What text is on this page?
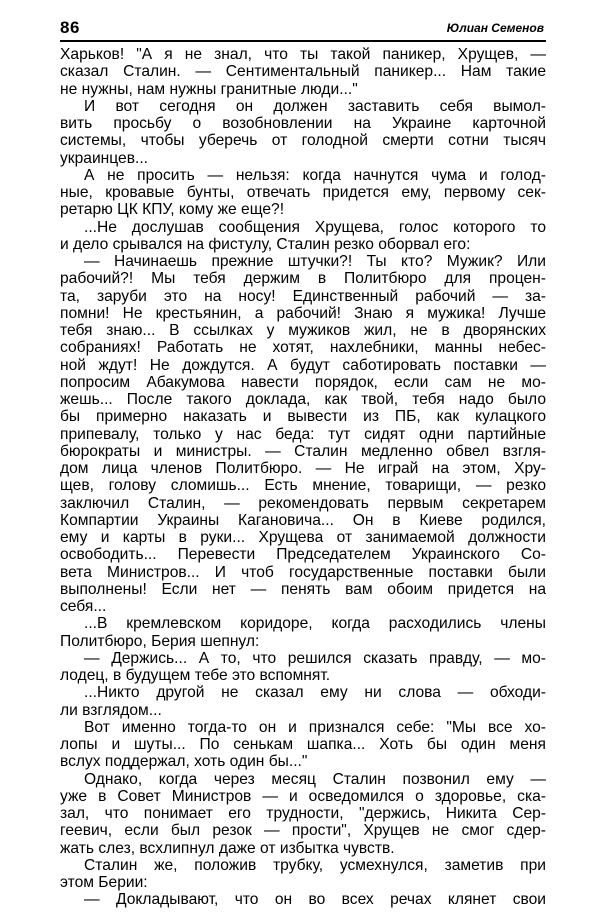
86	Юлиан Семенов
Харьков! "А я не знал, что ты такой паникер, Хрущев, —
сказал Сталин. — Сентиментальный паникер... Нам такие
не нужны, нам нужны гранитные люди..."
И вот сегодня он должен заставить себя вымол-
вить просьбу о возобновлении на Украине карточной
системы, чтобы уберечь от голодной смерти сотни тысяч
украинцев...
А не просить — нельзя: когда начнутся чума и голод-
ные, кровавые бунты, отвечать придется ему, первому сек-
ретарю ЦК КПУ, кому же еще?!
...Не дослушав сообщения Хрущева, голос которого то
и дело срывался на фистулу, Сталин резко оборвал его:
— Начинаешь прежние штучки?! Ты кто? Мужик? Или
рабочий?! Мы тебя держим в Политбюро для процен-
та, заруби это на носу! Единственный рабочий — за-
помни! Не крестьянин, а рабочий! Знаю я мужика! Лучше
тебя знаю... В ссылках у мужиков жил, не в дворянских
собраниях! Работать не хотят, нахлебники, манны небес-
ной ждут! Не дождутся. А будут саботировать поставки —
попросим Абакумова навести порядок, если сам не мо-
жешь... После такого доклада, как твой, тебя надо было
бы примерно наказать и вывести из ПБ, как кулацкого
припевалу, только у нас беда: тут сидят одни партийные
бюрократы и министры. — Сталин медленно обвел взгля-
дом лица членов Политбюро. — Не играй на этом, Хру-
щев, голову сломишь... Есть мнение, товарищи, — резко
заключил Сталин, — рекомендовать первым секретарем
Компартии Украины Кагановича... Он в Киеве родился,
ему и карты в руки... Хрущева от занимаемой должности
освободить... Перевести Председателем Украинского Со-
вета Министров... И чтоб государственные поставки были
выполнены! Если нет — пенять вам обоим придется на
себя...
...В кремлевском коридоре, когда расходились члены
Политбюро, Берия шепнул:
— Держись... А то, что решился сказать правду, — мо-
лодец, в будущем тебе это вспомнят.
...Никто другой не сказал ему ни слова — обходи-
ли взглядом...
Вот именно тогда-то он и признался себе: "Мы все хо-
лопы и шуты... По сенькам шапка... Хоть бы один меня
вслух поддержал, хоть один бы..."
Однако, когда через месяц Сталин позвонил ему —
уже в Совет Министров — и осведомился о здоровье, ска-
зал, что понимает его трудности, "держись, Никита Сер-
геевич, если был резок — прости", Хрущев не смог сдер-
жать слез, всхлипнул даже от избытка чувств.
Сталин же, положив трубку, усмехнулся, заметив при
этом Берии:
— Докладывают, что он во всех речах клянет свои
